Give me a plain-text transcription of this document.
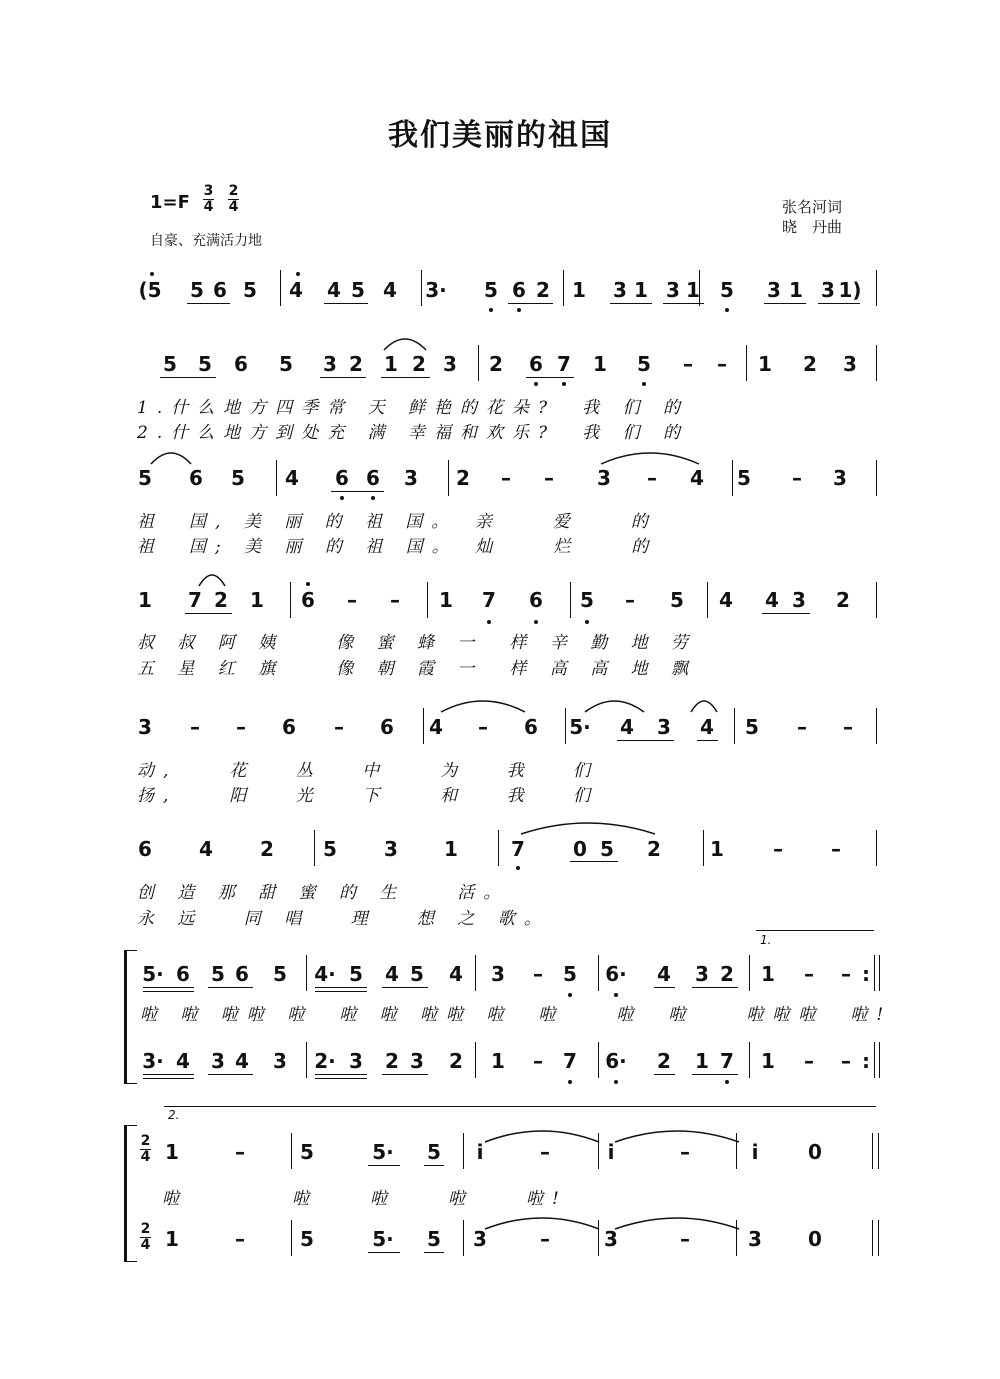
我们美丽的祖国
1=F
3
4
2
4
自豪、充满活力地
张名河词
晓　丹曲
(5 5 6 5 4 4 5 4 3· 5 6 2 1 3 1 3 1 5 3 1 3 1)
5 5 6 5 3 2 1 2 3 2 6 7 1 5	–	–	1 2 3
1.什么地方四季常 天 鲜艳的花朵?　我 们 的
2.什么地方到处充 满 幸福和欢乐?　我 们 的
5 6 5 4 6 6 3 2	–	–	3	–	4 5	–	3
祖　国, 美 丽 的 祖 国。　亲　　爱　　的
祖　国; 美 丽 的 祖 国。　灿　　烂　　的
1 7 2 1 6	–	–	1 7 6 5	–	5 4 4 3 2
叔 叔 阿 姨　　像 蜜 蜂 一　样 辛 勤 地 劳
五 星 红 旗　　像 朝 霞 一　样 高 高 地 飘
3	–	–	6	–	6 4	–	6 5· 4 3 4 5	–	–
动,　　花　 丛　 中　　为　 我　 们
扬,　　阳　 光　 下　　和　 我　 们
6 4 2 5 3 1	7 0 5 2 1	–	–
创 造 那 甜 蜜 的 生　　活。
永 远　 同 唱　 理　 想 之 歌。
1.
5· 6 5 6 5 4· 5 4 5 4 3	–	5 6· 4 3 2 1	–	–
3· 4 3 4 3 2· 3 2 3 2 1	–	7 6· 2 1 7 1	–	–
:
:
啦 啦 啦啦 啦　啦 啦 啦啦 啦　啦　　啦　啦　　啦啦啦　啦!
2.
2
4
2
4
1	–	5	5· 5	i	–	i	–	i	0
1	–	5	5· 5 3	–	3	–	3 0
啦　　　　啦　　啦　　啦　　啦!
